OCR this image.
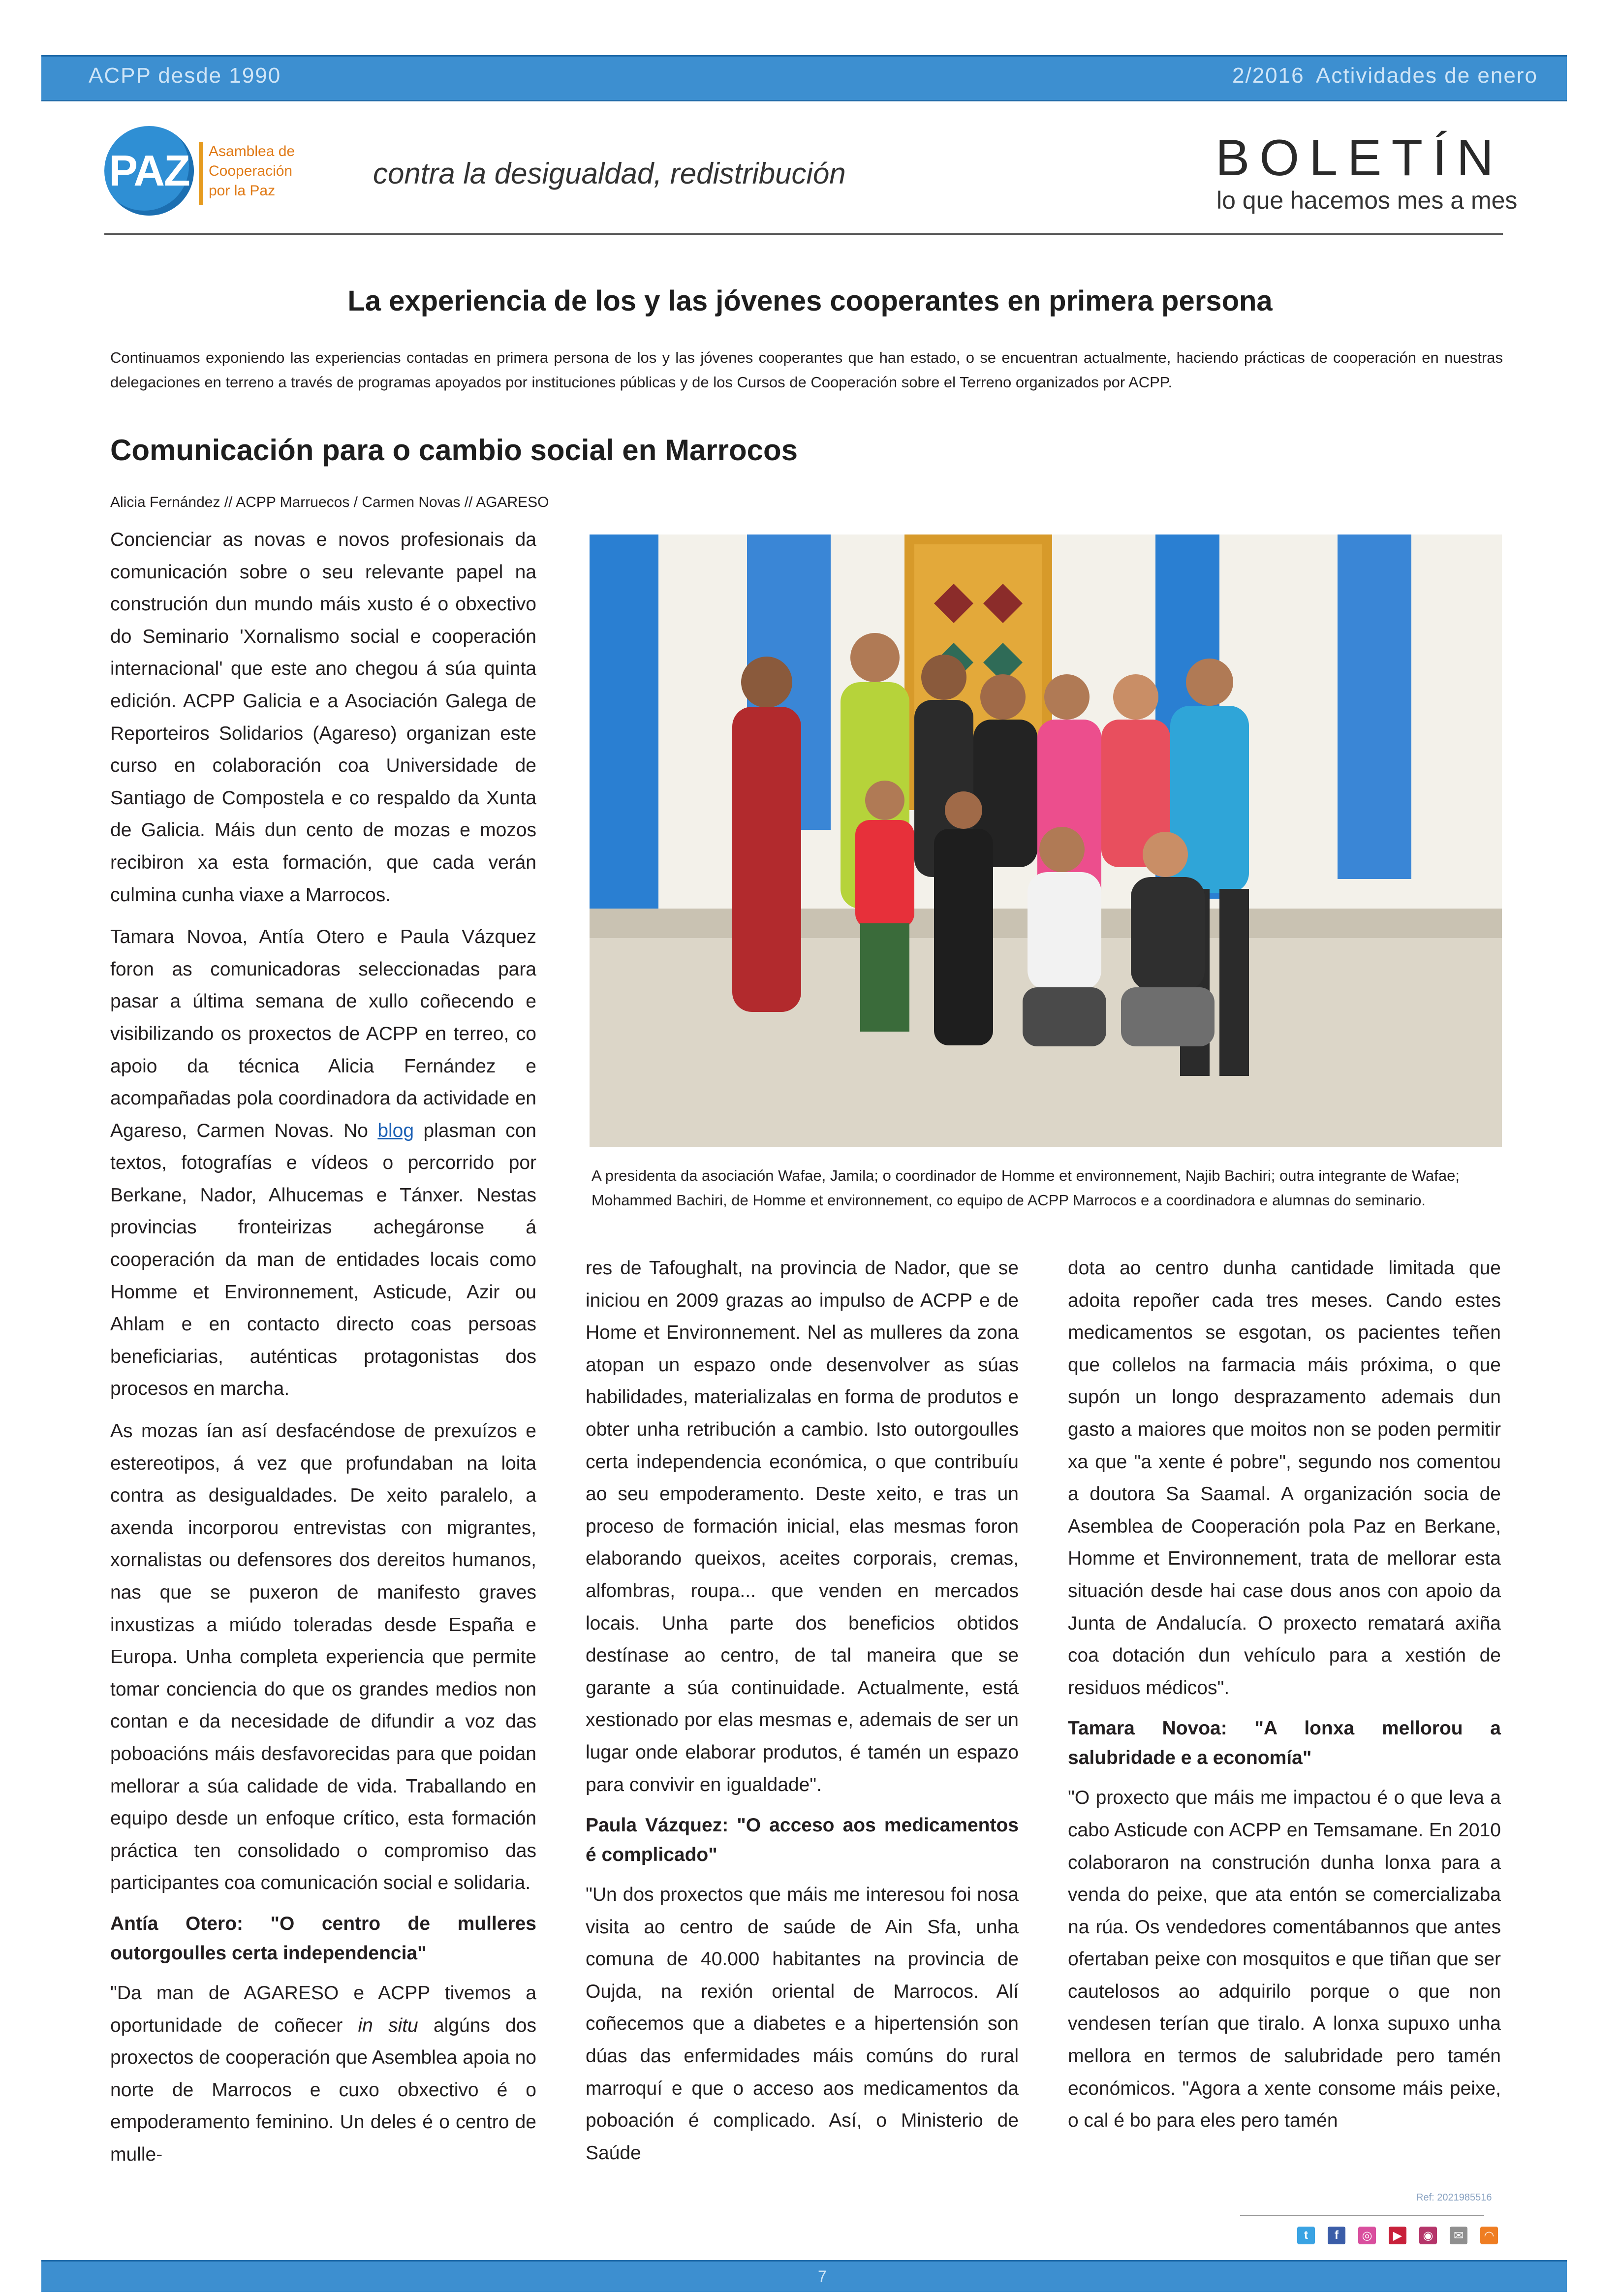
ACPP desde 1990	2/2016 Actividades de enero
PAZ Asamblea de
Cooperación
por la Paz
contra la desigualdad, redistribución	BOLETÍN
lo que hacemos mes a mes
La experiencia de los y las jóvenes cooperantes en primera persona
Continuamos exponiendo las experiencias contadas en primera persona de los y las jóvenes cooperantes que han estado, o se encuentran actualmente, haciendo prácticas de cooperación en nuestras delegaciones en terreno a través de programas apoyados por instituciones públicas y de los Cursos de Cooperación sobre el Terreno organizados por ACPP.
Comunicación para o cambio social en Marrocos
Alicia Fernández // ACPP Marruecos / Carmen Novas // AGARESO

Concienciar as novas e novos profesionais da comunicación sobre o seu relevante papel na construción dun mundo máis xusto é o obxectivo do Seminario 'Xornalismo social e cooperación internacional' que este ano chegou á súa quinta edición. ACPP Galicia e a Asociación Galega de Reporteiros Solidarios (Agareso) organizan este curso en colaboración coa Universidade de Santiago de Compostela e co respaldo da Xunta de Galicia. Máis dun cento de mozas e mozos recibiron xa esta formación, que cada verán culmina cunha viaxe a Marrocos.

Tamara Novoa, Antía Otero e Paula Vázquez foron as comunicadoras seleccionadas para pasar a última semana de xullo coñecendo e visibilizando os proxectos de ACPP en terreo, co apoio da técnica Alicia Fernández e acompañadas pola coordinadora da actividade en Agareso, Carmen Novas. No blog plasman con textos, fotografías e vídeos o percorrido por Berkane, Nador, Alhucemas e Tánxer. Nestas provincias fronteirizas achegáronse á cooperación da man de entidades locais como Homme et Environnement, Asticude, Azir ou Ahlam e en contacto directo coas persoas beneficiarias, auténticas protagonistas dos procesos en marcha.

As mozas ían así desfacéndose de prexuízos e estereotipos, á vez que profundaban na loita contra as desigualdades. De xeito paralelo, a axenda incorporou entrevistas con migrantes, xornalistas ou defensores dos dereitos humanos, nas que se puxeron de manifesto graves inxustizas a miúdo toleradas desde España e Europa. Unha completa experiencia que permite tomar conciencia do que os grandes medios non contan e da necesidade de difundir a voz das poboacións máis desfavorecidas para que poidan mellorar a súa calidade de vida. Traballando en equipo desde un enfoque crítico, esta formación práctica ten consolidado o compromiso das participantes coa comunicación social e solidaria.

Antía Otero: "O centro de mulleres outorgoulles certa independencia"

"Da man de AGARESO e ACPP tivemos a oportunidade de coñecer in situ algúns dos proxectos de cooperación que Asemblea apoia no norte de Marrocos e cuxo obxectivo é o empoderamento feminino. Un deles é o centro de mulle-

A presidenta da asociación Wafae, Jamila; o coordinador de Homme et environnement, Najib Bachiri; outra integrante de Wafae; Mohammed Bachiri, de Homme et environnement, co equipo de ACPP Marrocos e a coordinadora e alumnas do seminario.

res de Tafoughalt, na provincia de Nador, que se iniciou en 2009 grazas ao impulso de ACPP e de Home et Environnement. Nel as mulleres da zona atopan un espazo onde desenvolver as súas habilidades, materializalas en forma de produtos e obter unha retribución a cambio. Isto outorgoulles certa independencia económica, o que contribuíu ao seu empoderamento. Deste xeito, e tras un proceso de formación inicial, elas mesmas foron elaborando queixos, aceites corporais, cremas, alfombras, roupa... que venden en mercados locais. Unha parte dos beneficios obtidos destínase ao centro, de tal maneira que se garante a súa continuidade. Actualmente, está xestionado por elas mesmas e, ademais de ser un lugar onde elaborar produtos, é tamén un espazo para convivir en igualdade".

Paula Vázquez: "O acceso aos medicamentos é complicado"

"Un dos proxectos que máis me interesou foi nosa visita ao centro de saúde de Ain Sfa, unha comuna de 40.000 habitantes na provincia de Oujda, na rexión oriental de Marrocos. Alí coñecemos que a diabetes e a hipertensión son dúas das enfermidades máis comúns do rural marroquí e que o acceso aos medicamentos da poboación é complicado. Así, o Ministerio de Saúde

dota ao centro dunha cantidade limitada que adoita repoñer cada tres meses. Cando estes medicamentos se esgotan, os pacientes teñen que collelos na farmacia máis próxima, o que supón un longo desprazamento ademais dun gasto a maiores que moitos non se poden permitir xa que "a xente é pobre", segundo nos comentou a doutora Sa Saamal. A organización socia de Asemblea de Cooperación pola Paz en Berkane, Homme et Environnement, trata de mellorar esta situación desde hai case dous anos con apoio da Junta de Andalucía. O proxecto rematará axiña coa dotación dun vehículo para a xestión de residuos médicos".

Tamara Novoa: "A lonxa mellorou a salubridade e a economía"

"O proxecto que máis me impactou é o que leva a cabo Asticude con ACPP en Temsamane. En 2010 colaboraron na construción dunha lonxa para a venda do peixe, que ata entón se comercializaba na rúa. Os vendedores comentábannos que antes ofertaban peixe con mosquitos e que tiñan que ser cautelosos ao adquirilo porque o que non vendesen terían que tiralo. A lonxa supuxo unha mellora en termos de salubridade pero tamén económicos. "Agora a xente consome máis peixe, o cal é bo para eles pero tamén

Ref: 2021985516
t	f	◎	▶	◉	✉	◠
7
